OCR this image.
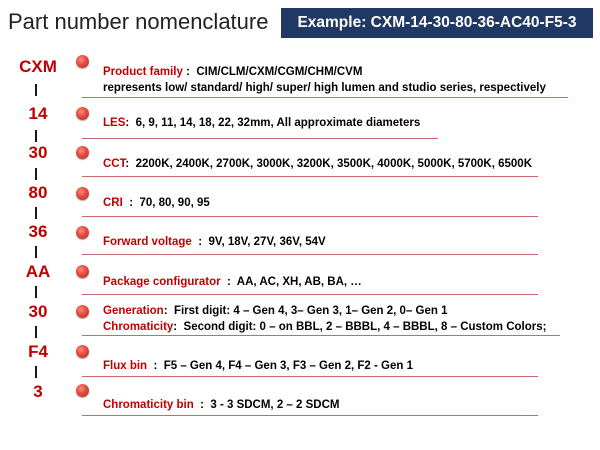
Part number nomenclature	Example: CXM-14-30-80-36-AC40-F5-3
CXM
14
30
80
36
AA
30
F4
3
Product family : CIM/CLM/CXM/CGM/CHM/CVM
represents low/ standard/ high/ super/ high lumen and studio series, respectively
LES: 6, 9, 11, 14, 18, 22, 32mm, All approximate diameters
CCT: 2200K, 2400K, 2700K, 3000K, 3200K, 3500K, 4000K, 5000K, 5700K, 6500K
CRI : 70, 80, 90, 95
Forward voltage : 9V, 18V, 27V, 36V, 54V
Package configurator : AA, AC, XH, AB, BA, …
Generation: First digit: 4 – Gen 4, 3– Gen 3, 1– Gen 2, 0– Gen 1
Chromaticity: Second digit: 0 – on BBL, 2 – BBBL, 4 – BBBL, 8 – Custom Colors;
Flux bin : F5 – Gen 4, F4 – Gen 3, F3 – Gen 2, F2 - Gen 1
Chromaticity bin : 3 - 3 SDCM, 2 – 2 SDCM
